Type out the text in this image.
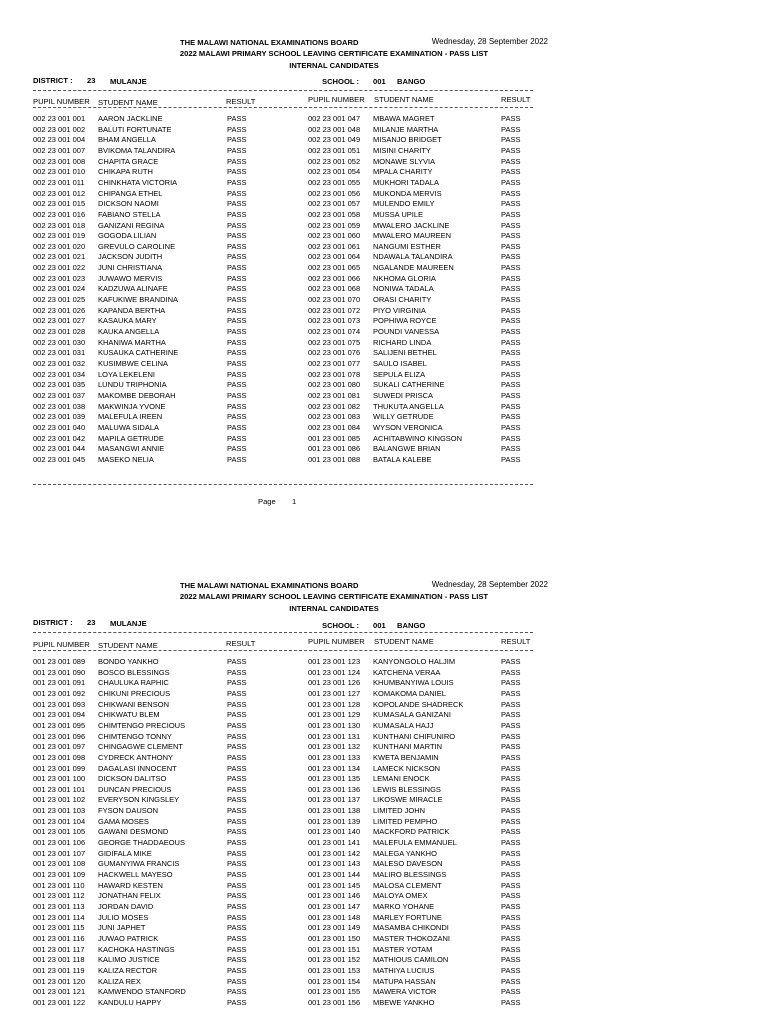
THE MALAWI NATIONAL EXAMINATIONS BOARD	Wednesday, 28 September 2022
2022 MALAWI PRIMARY SCHOOL LEAVING CERTIFICATE EXAMINATION - PASS LIST
INTERNAL CANDIDATES
DISTRICT : 23 MULANJE	SCHOOL : 001 BANGO
PUPIL NUMBER STUDENT NAME	RESULT	PUPIL NUMBER STUDENT NAME	RESULT
002 23 001 001 AARON JACKLINE	PASS	002 23 001 047 MBAWA MAGRET	PASS
002 23 001 002 BALUTI FORTUNATE	PASS	002 23 001 048 MILANJE MARTHA	PASS
002 23 001 004 BHAM ANGELLA	PASS	002 23 001 049 MISANJO BRIDGET	PASS
002 23 001 007 BVIKOMA TALANDIRA	PASS	002 23 001 051 MISINI CHARITY	PASS
002 23 001 008 CHAPITA GRACE	PASS	002 23 001 052 MONAWE SLYVIA	PASS
002 23 001 010 CHIKAPA RUTH	PASS	002 23 001 054 MPALA CHARITY	PASS
002 23 001 011 CHINKHATA VICTORIA	PASS	002 23 001 055 MUKHORI TADALA	PASS
002 23 001 012 CHIPANGA ETHEL	PASS	002 23 001 056 MUKONDA MERVIS	PASS
002 23 001 015 DICKSON NAOMI	PASS	002 23 001 057 MULENDO EMILY	PASS
002 23 001 016 FABIANO STELLA	PASS	002 23 001 058 MUSSA UPILE	PASS
002 23 001 018 GANIZANI REGINA	PASS	002 23 001 059 MWALERO JACKLINE	PASS
002 23 001 019 GOGODA LILIAN	PASS	002 23 001 060 MWALERO MAUREEN	PASS
002 23 001 020 GREVULO CAROLINE	PASS	002 23 001 061 NANGUMI ESTHER	PASS
002 23 001 021 JACKSON JUDITH	PASS	002 23 001 064 NDAWALA TALANDIRA	PASS
002 23 001 022 JUNI CHRISTIANA	PASS	002 23 001 065 NGALANDE MAUREEN	PASS
002 23 001 023 JUWAWO MERVIS	PASS	002 23 001 066 NKHOMA GLORIA	PASS
002 23 001 024 KADZUWA ALINAFE	PASS	002 23 001 068 NONIWA TADALA	PASS
002 23 001 025 KAFUKIWE BRANDINA	PASS	002 23 001 070 ORASI CHARITY	PASS
002 23 001 026 KAPANDA BERTHA	PASS	002 23 001 072 PIYO VIRGINIA	PASS
002 23 001 027 KASAUKA MARY	PASS	002 23 001 073 POPHIWA ROYCE	PASS
002 23 001 028 KAUKA ANGELLA	PASS	002 23 001 074 POUNDI VANESSA	PASS
002 23 001 030 KHANIWA MARTHA	PASS	002 23 001 075 RICHARD LINDA	PASS
002 23 001 031 KUSAUKA CATHERINE	PASS	002 23 001 076 SALIJENI BETHEL	PASS
002 23 001 032 KUSIMBWE CELINA	PASS	002 23 001 077 SAULO ISABEL	PASS
002 23 001 034 LOYA LEKELENI	PASS	002 23 001 078 SEPULA ELIZA	PASS
002 23 001 035 LUNDU TRIPHONIA	PASS	002 23 001 080 SUKALI CATHERINE	PASS
002 23 001 037 MAKOMBE DEBORAH	PASS	002 23 001 081 SUWEDI PRISCA	PASS
002 23 001 038 MAKWINJA YVONE	PASS	002 23 001 082 THUKUTA ANGELLA	PASS
002 23 001 039 MALEFULA IREEN	PASS	002 23 001 083 WILLY GETRUDE	PASS
002 23 001 040 MALUWA SIDALA	PASS	002 23 001 084 WYSON VERONICA	PASS
002 23 001 042 MAPILA GETRUDE	PASS	001 23 001 085 ACHITABWINO KINGSON	PASS
002 23 001 044 MASANGWI ANNIE	PASS	001 23 001 086 BALANGWE BRIAN	PASS
002 23 001 045 MASEKO NELIA	PASS	001 23 001 088 BATALA KALEBE	PASS
Page 1
THE MALAWI NATIONAL EXAMINATIONS BOARD	Wednesday, 28 September 2022
2022 MALAWI PRIMARY SCHOOL LEAVING CERTIFICATE EXAMINATION - PASS LIST
INTERNAL CANDIDATES
DISTRICT : 23 MULANJE	SCHOOL : 001 BANGO
PUPIL NUMBER STUDENT NAME	RESULT	PUPIL NUMBER STUDENT NAME	RESULT
001 23 001 089 BONDO YANKHO	PASS	001 23 001 123 KANYONGOLO HALJIM	PASS
001 23 001 090 BOSCO BLESSINGS	PASS	001 23 001 124 KATCHENA VERAA	PASS
001 23 001 091 CHAULUKA RAPHIC	PASS	001 23 001 126 KHUMBANYIWA LOUIS	PASS
001 23 001 092 CHIKUNI PRECIOUS	PASS	001 23 001 127 KOMAKOMA DANIEL	PASS
001 23 001 093 CHIKWANI BENSON	PASS	001 23 001 128 KOPOLANDE SHADRECK	PASS
001 23 001 094 CHIKWATU BLEM	PASS	001 23 001 129 KUMASALA GANIZANI	PASS
001 23 001 095 CHIMTENGO PRECIOUS	PASS	001 23 001 130 KUMASALA HAJJ	PASS
001 23 001 096 CHIMTENGO TONNY	PASS	001 23 001 131 KUNTHANI CHIFUNIRO	PASS
001 23 001 097 CHINGAGWE CLEMENT	PASS	001 23 001 132 KUNTHANI MARTIN	PASS
001 23 001 098 CYDRECK ANTHONY	PASS	001 23 001 133 KWETA BENJAMIN	PASS
001 23 001 099 DAGALASI INNOCENT	PASS	001 23 001 134 LAMECK NICKSON	PASS
001 23 001 100 DICKSON DALITSO	PASS	001 23 001 135 LEMANI ENOCK	PASS
001 23 001 101 DUNCAN PRECIOUS	PASS	001 23 001 136 LEWIS BLESSINGS	PASS
001 23 001 102 EVERYSON KINGSLEY	PASS	001 23 001 137 LIKOSWE MIRACLE	PASS
001 23 001 103 FYSON DAUSON	PASS	001 23 001 138 LIMITED JOHN	PASS
001 23 001 104 GAMA MOSES	PASS	001 23 001 139 LIMITED PEMPHO	PASS
001 23 001 105 GAWANI DESMOND	PASS	001 23 001 140 MACKFORD PATRICK	PASS
001 23 001 106 GEORGE THADDAEOUS	PASS	001 23 001 141 MALEFULA EMMANUEL	PASS
001 23 001 107 GIDIFALA MIKE	PASS	001 23 001 142 MALEGA YANKHO	PASS
001 23 001 108 GUMANYIWA FRANCIS	PASS	001 23 001 143 MALESO DAVESON	PASS
001 23 001 109 HACKWELL MAYESO	PASS	001 23 001 144 MALIRO BLESSINGS	PASS
001 23 001 110 HAWARD KESTEN	PASS	001 23 001 145 MALOSA CLEMENT	PASS
001 23 001 112 JONATHAN FELIX	PASS	001 23 001 146 MALOYA OMEX	PASS
001 23 001 113 JORDAN DAVID	PASS	001 23 001 147 MARKO YOHANE	PASS
001 23 001 114 JULIO MOSES	PASS	001 23 001 148 MARLEY FORTUNE	PASS
001 23 001 115 JUNI JAPHET	PASS	001 23 001 149 MASAMBA CHIKONDI	PASS
001 23 001 116 JUWAO PATRICK	PASS	001 23 001 150 MASTER THOKOZANI	PASS
001 23 001 117 KACHOKA HASTINGS	PASS	001 23 001 151 MASTER YOTAM	PASS
001 23 001 118 KALIMO JUSTICE	PASS	001 23 001 152 MATHIOUS CAMILON	PASS
001 23 001 119 KALIZA RECTOR	PASS	001 23 001 153 MATHIYA LUCIUS	PASS
001 23 001 120 KALIZA REX	PASS	001 23 001 154 MATUPA HASSAN	PASS
001 23 001 121 KAMWENDO STANFORD	PASS	001 23 001 155 MAWERA VICTOR	PASS
001 23 001 122 KANDULU HAPPY	PASS	001 23 001 156 MBEWE YANKHO	PASS
